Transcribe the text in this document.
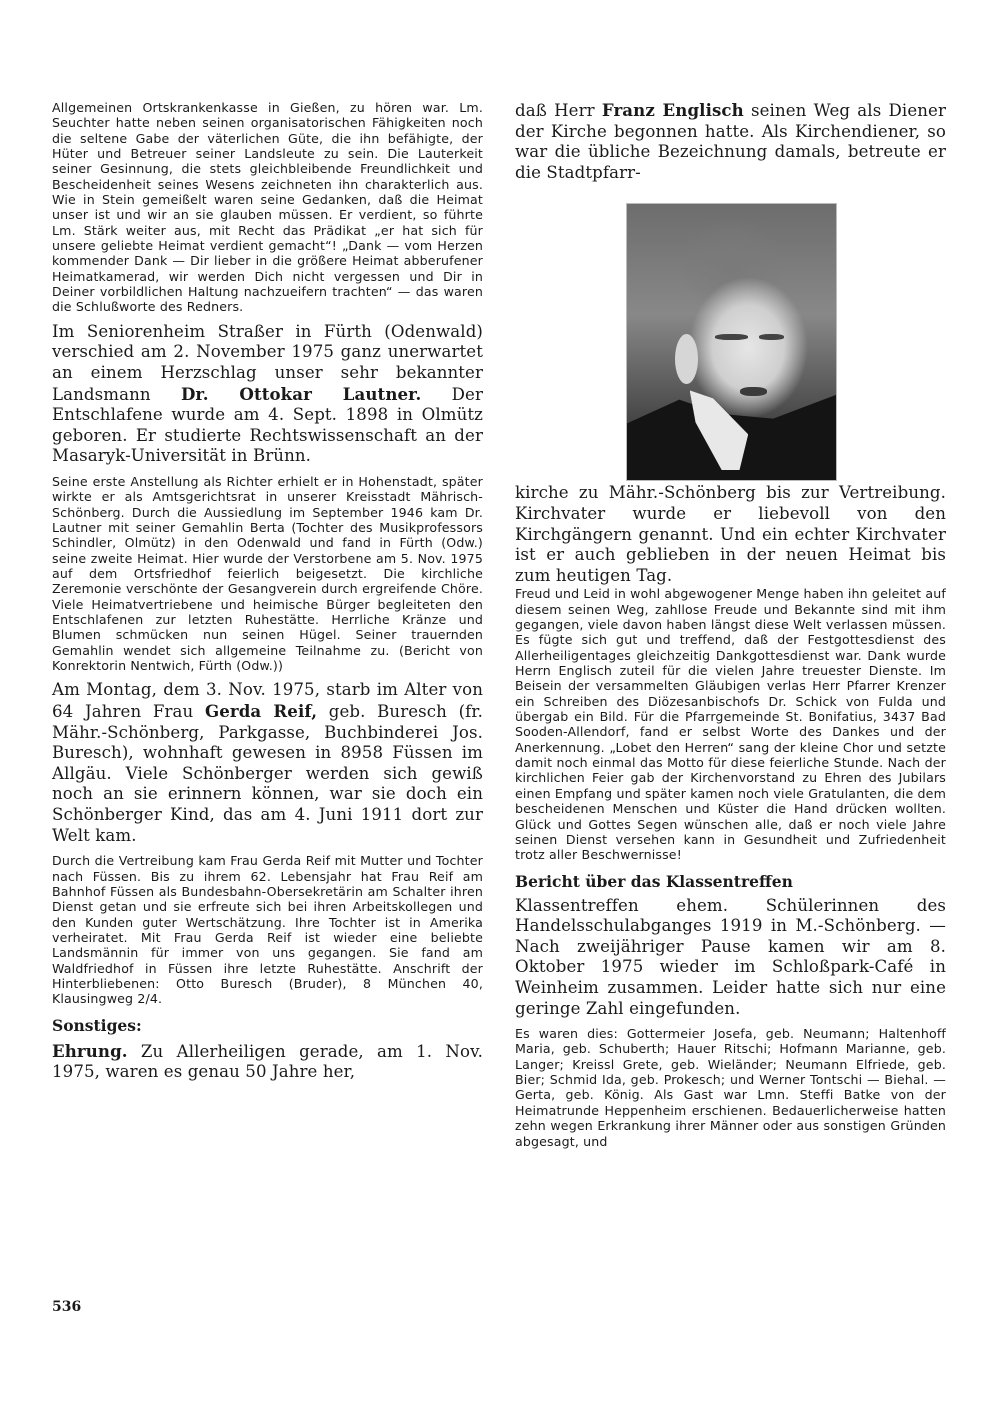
Allgemeinen Ortskrankenkasse in Gießen, zu hören war. Lm. Seuchter hatte neben seinen organisatorischen Fähigkeiten noch die seltene Gabe der väterlichen Güte, die ihn befähigte, der Hüter und Betreuer seiner Landsleute zu sein. Die Lauterkeit seiner Gesinnung, die stets gleichbleibende Freundlichkeit und Bescheidenheit seines Wesens zeichneten ihn charakterlich aus. Wie in Stein gemeißelt waren seine Gedanken, daß die Heimat unser ist und wir an sie glauben müssen. Er verdient, so führte Lm. Stärk weiter aus, mit Recht das Prädikat „er hat sich für unsere geliebte Heimat verdient gemacht“! „Dank — vom Herzen kommender Dank — Dir lieber in die größere Heimat abberufener Heimatkamerad, wir werden Dich nicht vergessen und Dir in Deiner vorbildlichen Haltung nachzueifern trachten“ — das waren die Schlußworte des Redners.

Im Seniorenheim Straßer in Fürth (Odenwald) verschied am 2. November 1975 ganz unerwartet an einem Herzschlag unser sehr bekannter Landsmann Dr. Ottokar Lautner. Der Entschlafene wurde am 4. Sept. 1898 in Olmütz geboren. Er studierte Rechtswissenschaft an der Masaryk-Universität in Brünn.

Seine erste Anstellung als Richter erhielt er in Hohenstadt, später wirkte er als Amtsgerichtsrat in unserer Kreisstadt Mährisch-Schönberg. Durch die Aussiedlung im September 1946 kam Dr. Lautner mit seiner Gemahlin Berta (Tochter des Musikprofessors Schindler, Olmütz) in den Odenwald und fand in Fürth (Odw.) seine zweite Heimat. Hier wurde der Verstorbene am 5. Nov. 1975 auf dem Ortsfriedhof feierlich beigesetzt. Die kirchliche Zeremonie verschönte der Gesangverein durch ergreifende Chöre. Viele Heimatvertriebene und heimische Bürger begleiteten den Entschlafenen zur letzten Ruhestätte. Herrliche Kränze und Blumen schmücken nun seinen Hügel. Seiner trauernden Gemahlin wendet sich allgemeine Teilnahme zu. (Bericht von Konrektorin Nentwich, Fürth (Odw.))

Am Montag, dem 3. Nov. 1975, starb im Alter von 64 Jahren Frau Gerda Reif, geb. Buresch (fr. Mähr.-Schönberg, Parkgasse, Buchbinderei Jos. Buresch), wohnhaft gewesen in 8958 Füssen im Allgäu. Viele Schönberger werden sich gewiß noch an sie erinnern können, war sie doch ein Schönberger Kind, das am 4. Juni 1911 dort zur Welt kam.

Durch die Vertreibung kam Frau Gerda Reif mit Mutter und Tochter nach Füssen. Bis zu ihrem 62. Lebensjahr hat Frau Reif am Bahnhof Füssen als Bundesbahn-Obersekretärin am Schalter ihren Dienst getan und sie erfreute sich bei ihren Arbeitskollegen und den Kunden guter Wertschätzung. Ihre Tochter ist in Amerika verheiratet. Mit Frau Gerda Reif ist wieder eine beliebte Landsmännin für immer von uns gegangen. Sie fand am Waldfriedhof in Füssen ihre letzte Ruhestätte. Anschrift der Hinterbliebenen: Otto Buresch (Bruder), 8 München 40, Klausingweg 2/4.

Sonstiges:

Ehrung. Zu Allerheiligen gerade, am 1. Nov. 1975, waren es genau 50 Jahre her,

daß Herr Franz Englisch seinen Weg als Diener der Kirche begonnen hatte. Als Kirchendiener, so war die übliche Bezeichnung damals, betreute er die Stadtpfarr-

kirche zu Mähr.-Schönberg bis zur Vertreibung. Kirchvater wurde er liebevoll von den Kirchgängern genannt. Und ein echter Kirchvater ist er auch geblieben in der neuen Heimat bis zum heutigen Tag.

Freud und Leid in wohl abgewogener Menge haben ihn geleitet auf diesem seinen Weg, zahllose Freude und Bekannte sind mit ihm gegangen, viele davon haben längst diese Welt verlassen müssen. Es fügte sich gut und treffend, daß der Festgottesdienst des Allerheiligentages gleichzeitig Dankgottesdienst war. Dank wurde Herrn Englisch zuteil für die vielen Jahre treuester Dienste. Im Beisein der versammelten Gläubigen verlas Herr Pfarrer Krenzer ein Schreiben des Diözesanbischofs Dr. Schick von Fulda und übergab ein Bild. Für die Pfarrgemeinde St. Bonifatius, 3437 Bad Sooden-Allendorf, fand er selbst Worte des Dankes und der Anerkennung. „Lobet den Herren“ sang der kleine Chor und setzte damit noch einmal das Motto für diese feierliche Stunde. Nach der kirchlichen Feier gab der Kirchenvorstand zu Ehren des Jubilars einen Empfang und später kamen noch viele Gratulanten, die dem bescheidenen Menschen und Küster die Hand drücken wollten. Glück und Gottes Segen wünschen alle, daß er noch viele Jahre seinen Dienst versehen kann in Gesundheit und Zufriedenheit trotz aller Beschwernisse!

Bericht über das Klassentreffen

Klassentreffen ehem. Schülerinnen des Handelsschulabganges 1919 in M.-Schönberg. — Nach zweijähriger Pause kamen wir am 8. Oktober 1975 wieder im Schloßpark-Café in Weinheim zusammen. Leider hatte sich nur eine geringe Zahl eingefunden.

Es waren dies: Gottermeier Josefa, geb. Neumann; Haltenhoff Maria, geb. Schuberth; Hauer Ritschi; Hofmann Marianne, geb. Langer; Kreissl Grete, geb. Wieländer; Neumann Elfriede, geb. Bier; Schmid Ida, geb. Prokesch; und Werner Tontschi — Biehal. — Gerta, geb. König. Als Gast war Lmn. Steffi Batke von der Heimatrunde Heppenheim erschienen. Bedauerlicherweise hatten zehn wegen Erkrankung ihrer Männer oder aus sonstigen Gründen abgesagt, und

536
